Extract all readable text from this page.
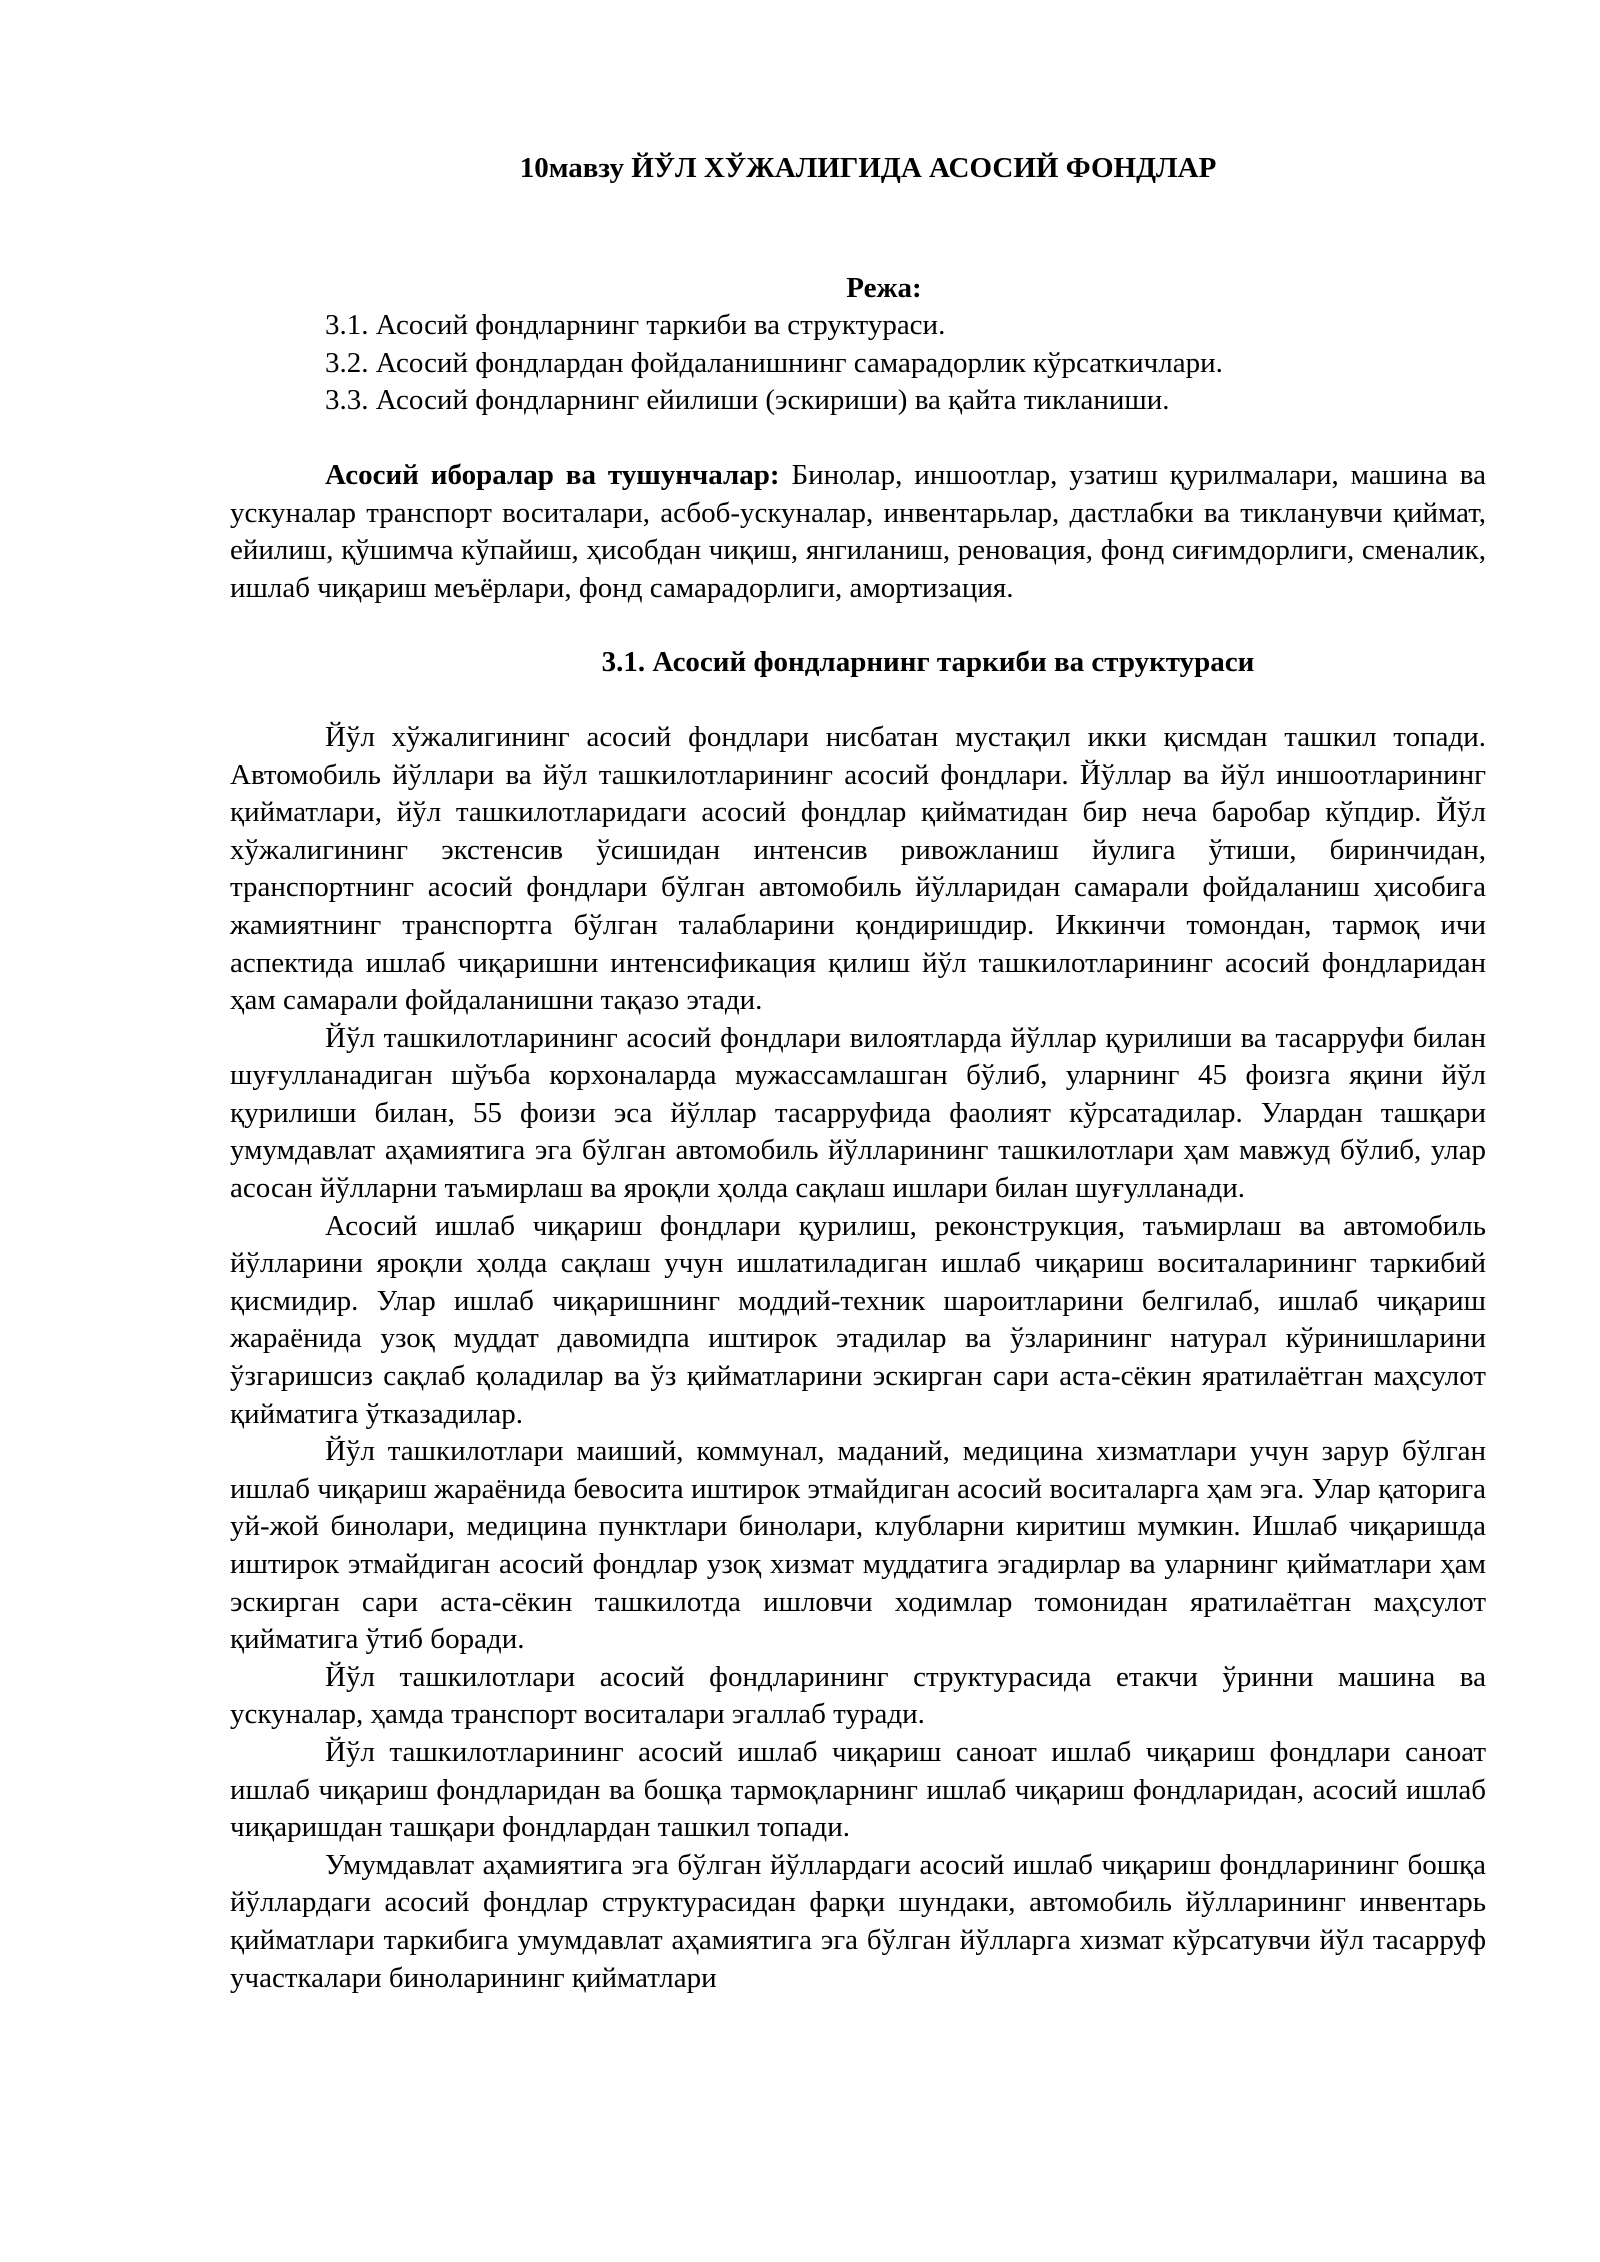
10мавзу ЙЎЛ ХЎЖАЛИГИДА АСОСИЙ ФОНДЛАР
Режа:
3.1. Асосий фондларнинг таркиби ва структураси.
3.2. Асосий фондлардан фойдаланишнинг самарадорлик кўрсаткичлари.
3.3. Асосий фондларнинг ейилиши (эскириши) ва қайта тикланиши.

Асосий иборалар ва тушунчалар: Бинолар, иншоотлар, узатиш қурилмалари, машина ва ускуналар транспорт воситалари, асбоб-ускуналар, инвентарьлар, дастлабки ва тикланувчи қиймат, ейилиш, қўшимча кўпайиш, ҳисобдан чиқиш, янгиланиш, реновация, фонд сиғимдорлиги, сменалик, ишлаб чиқариш меъёрлари, фонд самарадорлиги, амортизация.

3.1. Асосий фондларнинг таркиби ва структураси

Йўл хўжалигининг асосий фондлари нисбатан мустақил икки қисмдан ташкил топади. Автомобиль йўллари ва йўл ташкилотларининг асосий фондлари. Йўллар ва йўл иншоотларининг қийматлари, йўл ташкилотларидаги асосий фондлар қийматидан бир неча баробар кўпдир. Йўл хўжалигининг экстенсив ўсишидан интенсив ривожланиш йулига ўтиши, биринчидан, транспортнинг асосий фондлари бўлган автомобиль йўлларидан самарали фойдаланиш ҳисобига жамиятнинг транспортга бўлган талабларини қондиришдир. Иккинчи томондан, тармоқ ичи аспектида ишлаб чиқаришни интенсификация қилиш йўл ташкилотларининг асосий фондларидан ҳам самарали фойдаланишни тақазо этади.

Йўл ташкилотларининг асосий фондлари вилоятларда йўллар қурилиши ва тасарруфи билан шуғулланадиган шўъба корхоналарда мужассамлашган бўлиб, уларнинг 45 фоизга яқини йўл қурилиши билан, 55 фоизи эса йўллар тасарруфида фаолият кўрсатадилар. Улардан ташқари умумдавлат аҳамиятига эга бўлган автомобиль йўлларининг ташкилотлари ҳам мавжуд бўлиб, улар асосан йўлларни таъмирлаш ва яроқли ҳолда сақлаш ишлари билан шуғулланади.

Асосий ишлаб чиқариш фондлари қурилиш, реконструкция, таъмирлаш ва автомобиль йўлларини яроқли ҳолда сақлаш учун ишлатиладиган ишлаб чиқариш воситаларининг таркибий қисмидир. Улар ишлаб чиқаришнинг моддий-техник шароитларини белгилаб, ишлаб чиқариш жараёнида узоқ муддат давомидпа иштирок этадилар ва ўзларининг натурал кўринишларини ўзгаришсиз сақлаб қоладилар ва ўз қийматларини эскирган сари аста-сёкин яратилаётган маҳсулот қийматига ўтказадилар.

Йўл ташкилотлари маиший, коммунал, маданий, медицина хизматлари учун зарур бўлган ишлаб чиқариш жараёнида бевосита иштирок этмайдиган асосий воситаларга ҳам эга. Улар қаторига уй-жой бинолари, медицина пунктлари бинолари, клубларни киритиш мумкин. Ишлаб чиқаришда иштирок этмайдиган асосий фондлар узоқ хизмат муддатига эгадирлар ва уларнинг қийматлари ҳам эскирган сари аста-сёкин ташкилотда ишловчи ходимлар томонидан яратилаётган маҳсулот қийматига ўтиб боради.

Йўл ташкилотлари асосий фондларининг структурасида етакчи ўринни машина ва ускуналар, ҳамда транспорт воситалари эгаллаб туради.

Йўл ташкилотларининг асосий ишлаб чиқариш саноат ишлаб чиқариш фондлари саноат ишлаб чиқариш фондларидан ва бошқа тармоқларнинг ишлаб чиқариш фондларидан, асосий ишлаб чиқаришдан ташқари фондлардан ташкил топади.

Умумдавлат аҳамиятига эга бўлган йўллардаги асосий ишлаб чиқариш фондларининг бошқа йўллардаги асосий фондлар структурасидан фарқи шундаки, автомобиль йўлларининг инвентарь қийматлари таркибига умумдавлат аҳамиятига эга бўлган йўлларга хизмат кўрсатувчи йўл тасарруф участкалари биноларининг қийматлари
